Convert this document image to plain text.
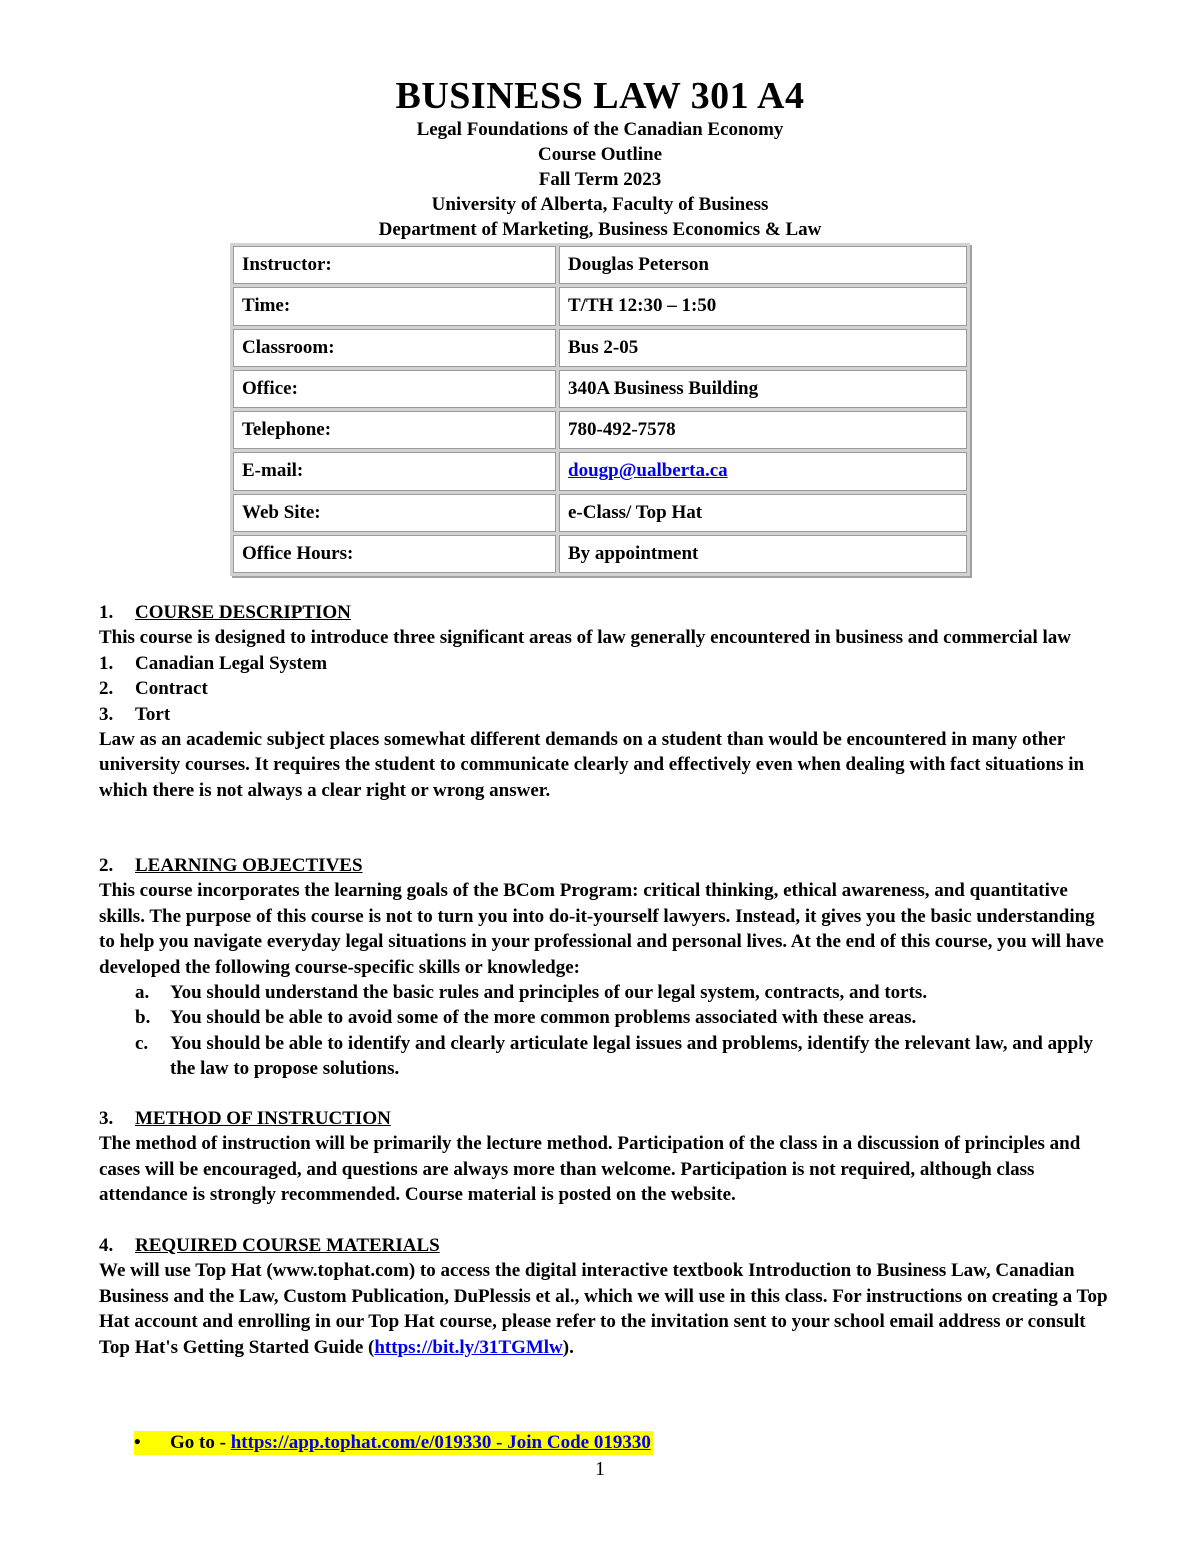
BUSINESS LAW 301 A4
Legal Foundations of the Canadian Economy
Course Outline
Fall Term 2023
University of Alberta, Faculty of Business
Department of Marketing, Business Economics & Law
Instructor:	Douglas Peterson
Time:	T/TH 12:30 – 1:50
Classroom:	Bus 2-05
Office:	340A Business Building
Telephone:	780-492-7578
E-mail:	dougp@ualberta.ca
Web Site:	e-Class/ Top Hat
Office Hours:	By appointment
1.	COURSE DESCRIPTION

This course is designed to introduce three significant areas of law generally encountered in business and commercial law

1.	Canadian Legal System
2.	Contract
3.	Tort

Law as an academic subject places somewhat different demands on a student than would be encountered in many other university courses. It requires the student to communicate clearly and effectively even when dealing with fact situations in which there is not always a clear right or wrong answer.

2.	LEARNING OBJECTIVES

This course incorporates the learning goals of the BCom Program: critical thinking, ethical awareness, and quantitative skills. The purpose of this course is not to turn you into do-it-yourself lawyers. Instead, it gives you the basic understanding to help you navigate everyday legal situations in your professional and personal lives. At the end of this course, you will have developed the following course-specific skills or knowledge:

a.	You should understand the basic rules and principles of our legal system, contracts, and torts.
b.	You should be able to avoid some of the more common problems associated with these areas.
c.	You should be able to identify and clearly articulate legal issues and problems, identify the relevant law, and apply the law to propose solutions.
3.	METHOD OF INSTRUCTION

The method of instruction will be primarily the lecture method. Participation of the class in a discussion of principles and cases will be encouraged, and questions are always more than welcome. Participation is not required, although class attendance is strongly recommended. Course material is posted on the website.

4.	REQUIRED COURSE MATERIALS

We will use Top Hat (www.tophat.com) to access the digital interactive textbook Introduction to Business Law, Canadian Business and the Law, Custom Publication, DuPlessis et al., which we will use in this class. For instructions on creating a Top Hat account and enrolling in our Top Hat course, please refer to the invitation sent to your school email address or consult Top Hat's Getting Started Guide (https://bit.ly/31TGMlw).

•	Go to - https://app.tophat.com/e/019330 - Join Code 019330
1
